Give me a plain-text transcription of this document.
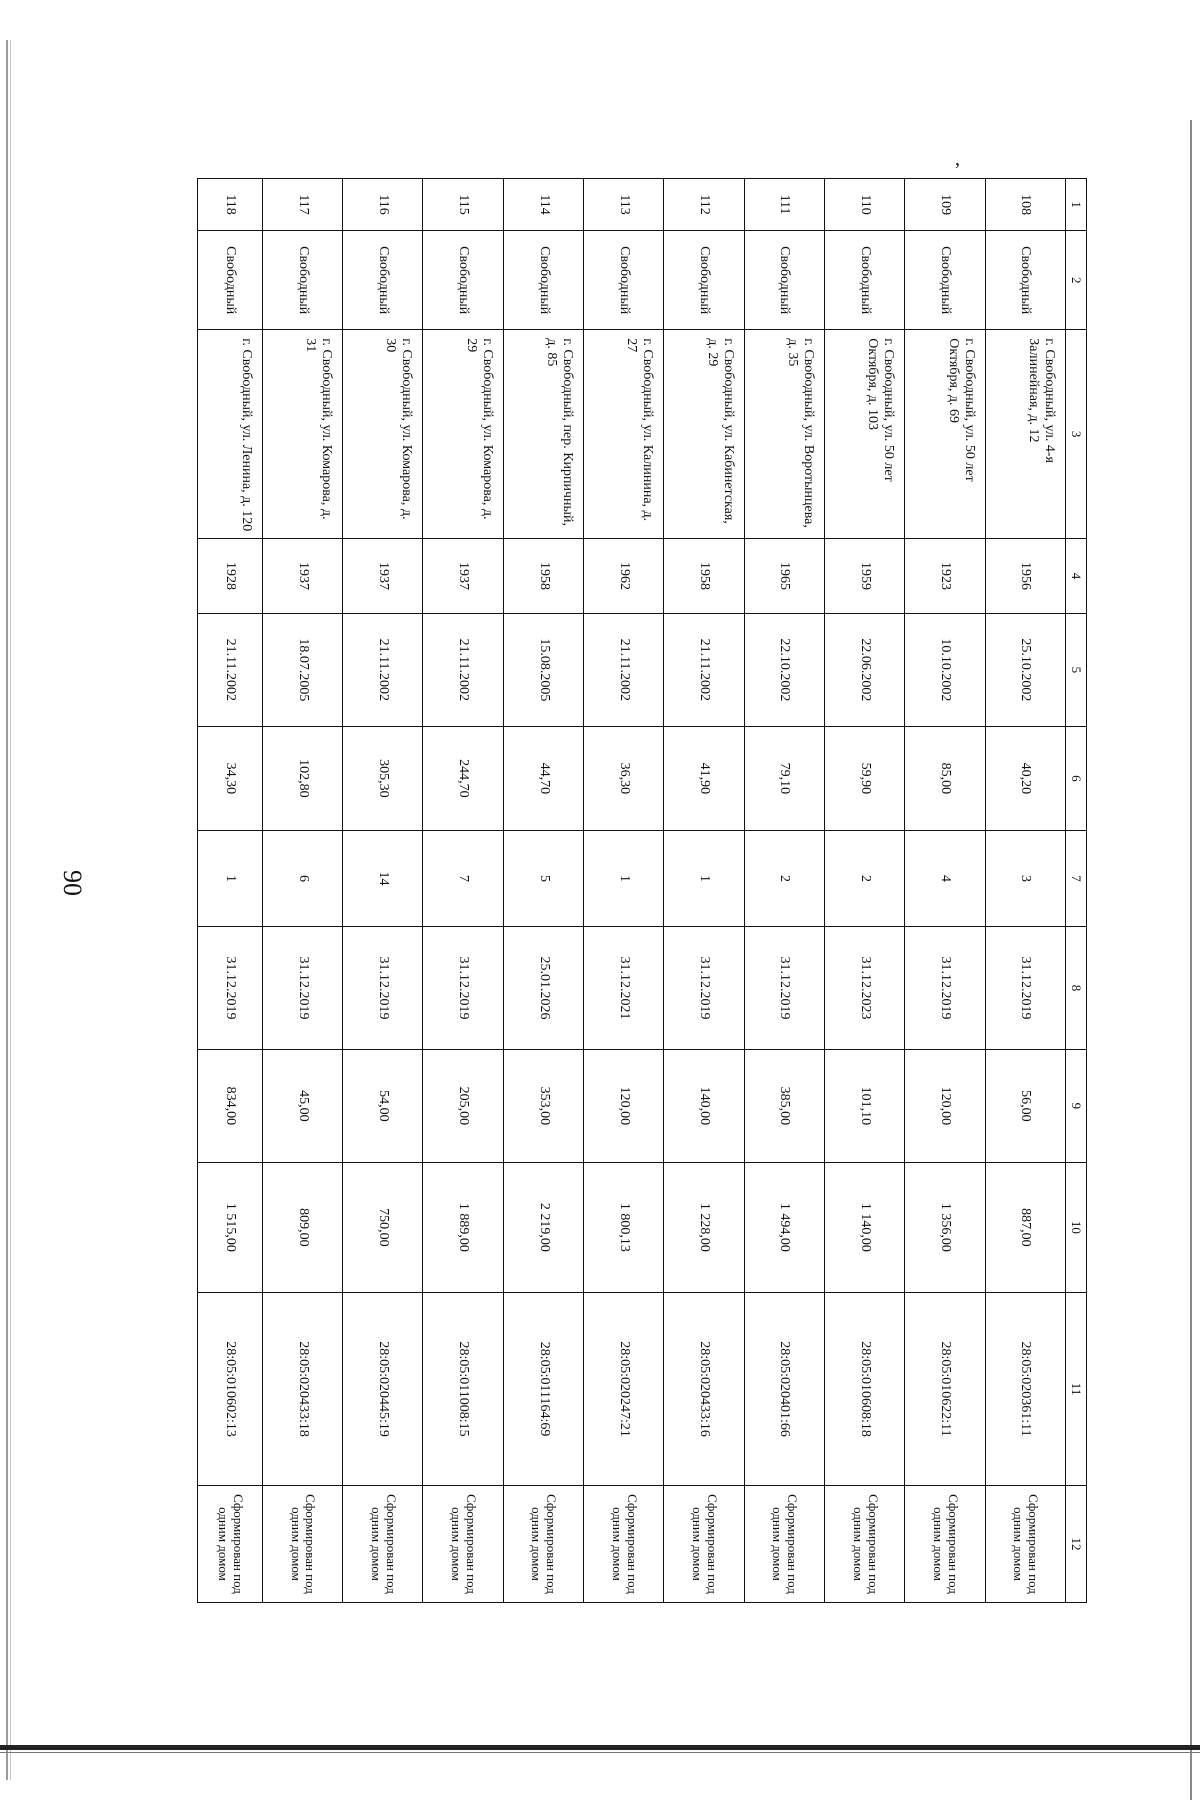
90
,
1	2	3	4	5	6	7	8	9	10	11	12
108	Свободный	г. Свободный, ул. 4-я Залинейная, д. 12	1956	25.10.2002	40,20	3	31.12.2019	56,00	887,00	28:05:020361:11	Сформирован под одним домом
109	Свободный	г. Свободный, ул. 50 лет Октября, д. 69	1923	10.10.2002	85,00	4	31.12.2019	120,00	1 356,00	28:05:010622:11	Сформирован под одним домом
110	Свободный	г. Свободный, ул. 50 лет Октября, д. 103	1959	22.06.2002	59,90	2	31.12.2023	101,10	1 140,00	28:05:010608:18	Сформирован под одним домом
111	Свободный	г. Свободный, ул. Воротынцева, д. 35	1965	22.10.2002	79,10	2	31.12.2019	385,00	1 494,00	28:05:020401:66	Сформирован под одним домом
112	Свободный	г. Свободный, ул. Кабинетская, д. 29	1958	21.11.2002	41,90	1	31.12.2019	140,00	1 228,00	28:05:020433:16	Сформирован под одним домом
113	Свободный	г. Свободный, ул. Калинина, д. 27	1962	21.11.2002	36,30	1	31.12.2021	120,00	1 800,13	28:05:020247:21	Сформирован под одним домом
114	Свободный	г. Свободный, пер. Кирпичный, д. 85	1958	15.08.2005	44,70	5	25.01.2026	353,00	2 219,00	28:05:011164:69	Сформирован под одним домом
115	Свободный	г. Свободный, ул. Комарова, д. 29	1937	21.11.2002	244,70	7	31.12.2019	205,00	1 889,00	28:05:011008:15	Сформирован под одним домом
116	Свободный	г. Свободный, ул. Комарова, д. 30	1937	21.11.2002	305,30	14	31.12.2019	54,00	750,00	28:05:020445:19	Сформирован под одним домом
117	Свободный	г. Свободный, ул. Комарова, д. 31	1937	18.07.2005	102,80	6	31.12.2019	45,00	809,00	28:05:020433:18	Сформирован под одним домом
118	Свободный	г. Свободный, ул. Ленина, д. 120	1928	21.11.2002	34,30	1	31.12.2019	834,00	1 515,00	28:05:010602:13	Сформирован под одним домом
